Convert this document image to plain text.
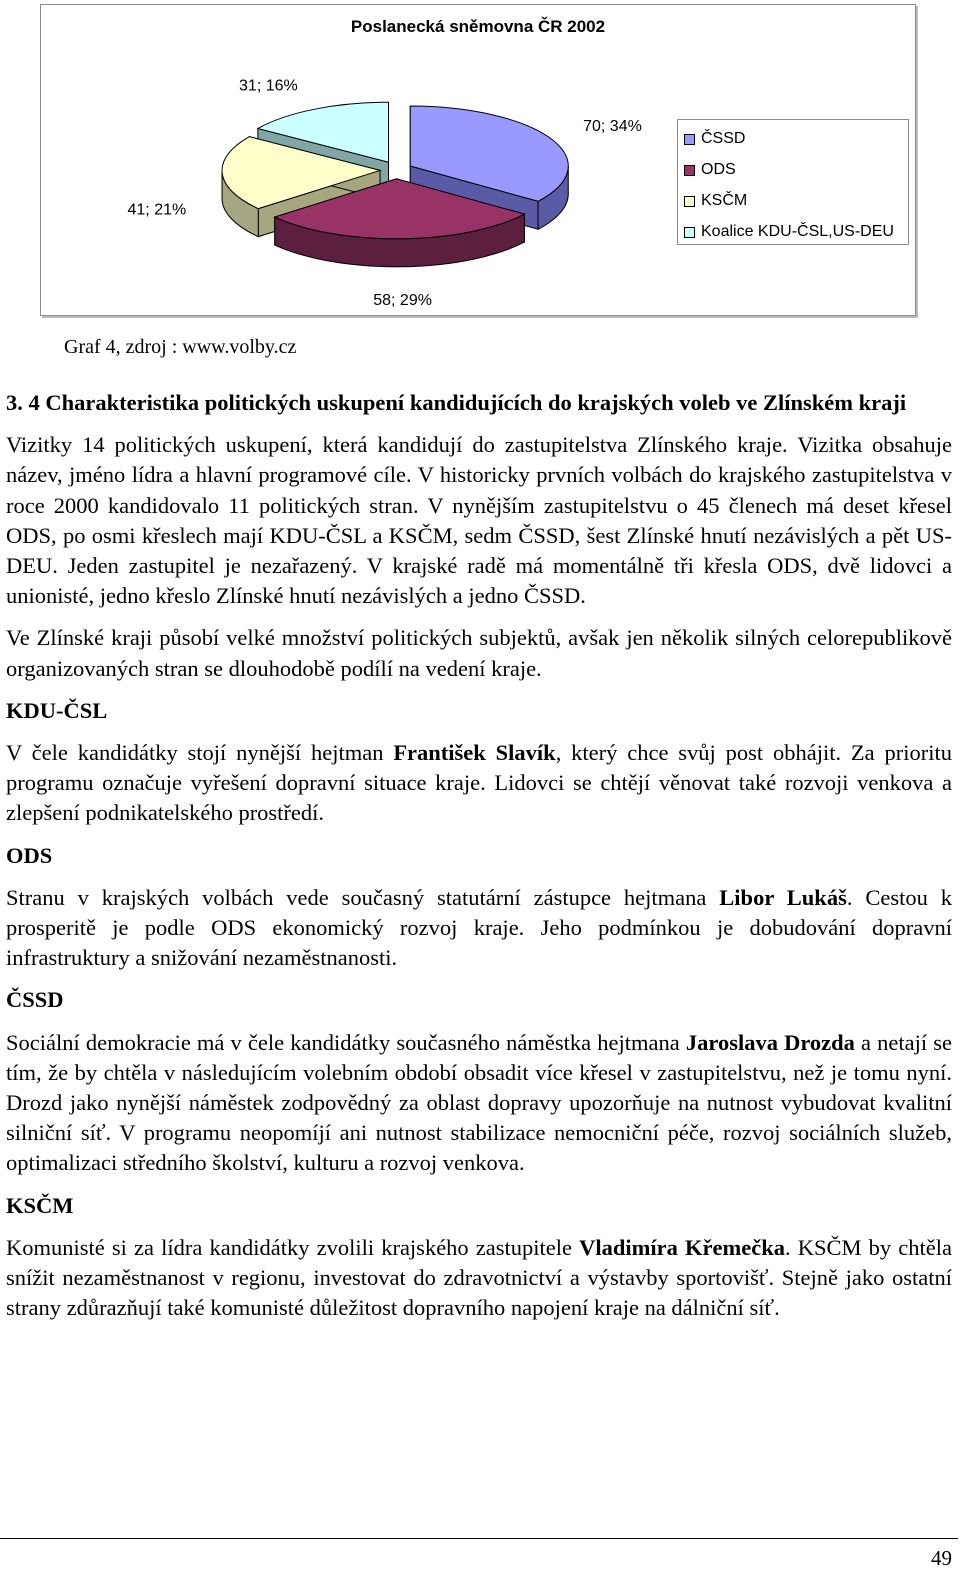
Poslanecká sněmovna ČR 2002
70; 34%
58; 29%
41; 21%
31; 16%
ČSSD
ODS
KSČM
Koalice KDU-ČSL,US-DEU
Graf 4, zdroj : www.volby.cz
3. 4 Charakteristika politických uskupení kandidujících do krajských voleb ve Zlínském kraji

Vizitky 14 politických uskupení, která kandidují do zastupitelstva Zlínského kraje. Vizitka obsahuje název, jméno lídra a hlavní programové cíle. V historicky prvních volbách do krajského zastupitelstva v roce 2000 kandidovalo 11 politických stran. V nynějším zastupitelstvu o 45 členech má deset křesel ODS, po osmi křeslech mají KDU-ČSL a KSČM, sedm ČSSD, šest Zlínské hnutí nezávislých a pět US-DEU. Jeden zastupitel je nezařazený. V krajské radě má momentálně tři křesla ODS, dvě lidovci a unionisté, jedno křeslo Zlínské hnutí nezávislých a jedno ČSSD.

Ve Zlínské kraji působí velké množství politických subjektů, avšak jen několik silných celorepublikově organizovaných stran se dlouhodobě podílí na vedení kraje.

KDU-ČSL

V čele kandidátky stojí nynější hejtman František Slavík, který chce svůj post obhájit. Za prioritu programu označuje vyřešení dopravní situace kraje. Lidovci se chtějí věnovat také rozvoji venkova a zlepšení podnikatelského prostředí.

ODS

Stranu v krajských volbách vede současný statutární zástupce hejtmana Libor Lukáš. Cestou k prosperitě je podle ODS ekonomický rozvoj kraje. Jeho podmínkou je dobudování dopravní infrastruktury a snižování nezaměstnanosti.

ČSSD

Sociální demokracie má v čele kandidátky současného náměstka hejtmana Jaroslava Drozda a netají se tím, že by chtěla v následujícím volebním období obsadit více křesel v zastupitelstvu, než je tomu nyní. Drozd jako nynější náměstek zodpovědný za oblast dopravy upozorňuje na nutnost vybudovat kvalitní silniční síť. V programu neopomíjí ani nutnost stabilizace nemocniční péče, rozvoj sociálních služeb, optimalizaci středního školství, kulturu a rozvoj venkova.

KSČM

Komunisté si za lídra kandidátky zvolili krajského zastupitele Vladimíra Křemečka. KSČM by chtěla snížit nezaměstnanost v regionu, investovat do zdravotnictví a výstavby sportovišť. Stejně jako ostatní strany zdůrazňují také komunisté důležitost dopravního napojení kraje na dálniční síť.

49
